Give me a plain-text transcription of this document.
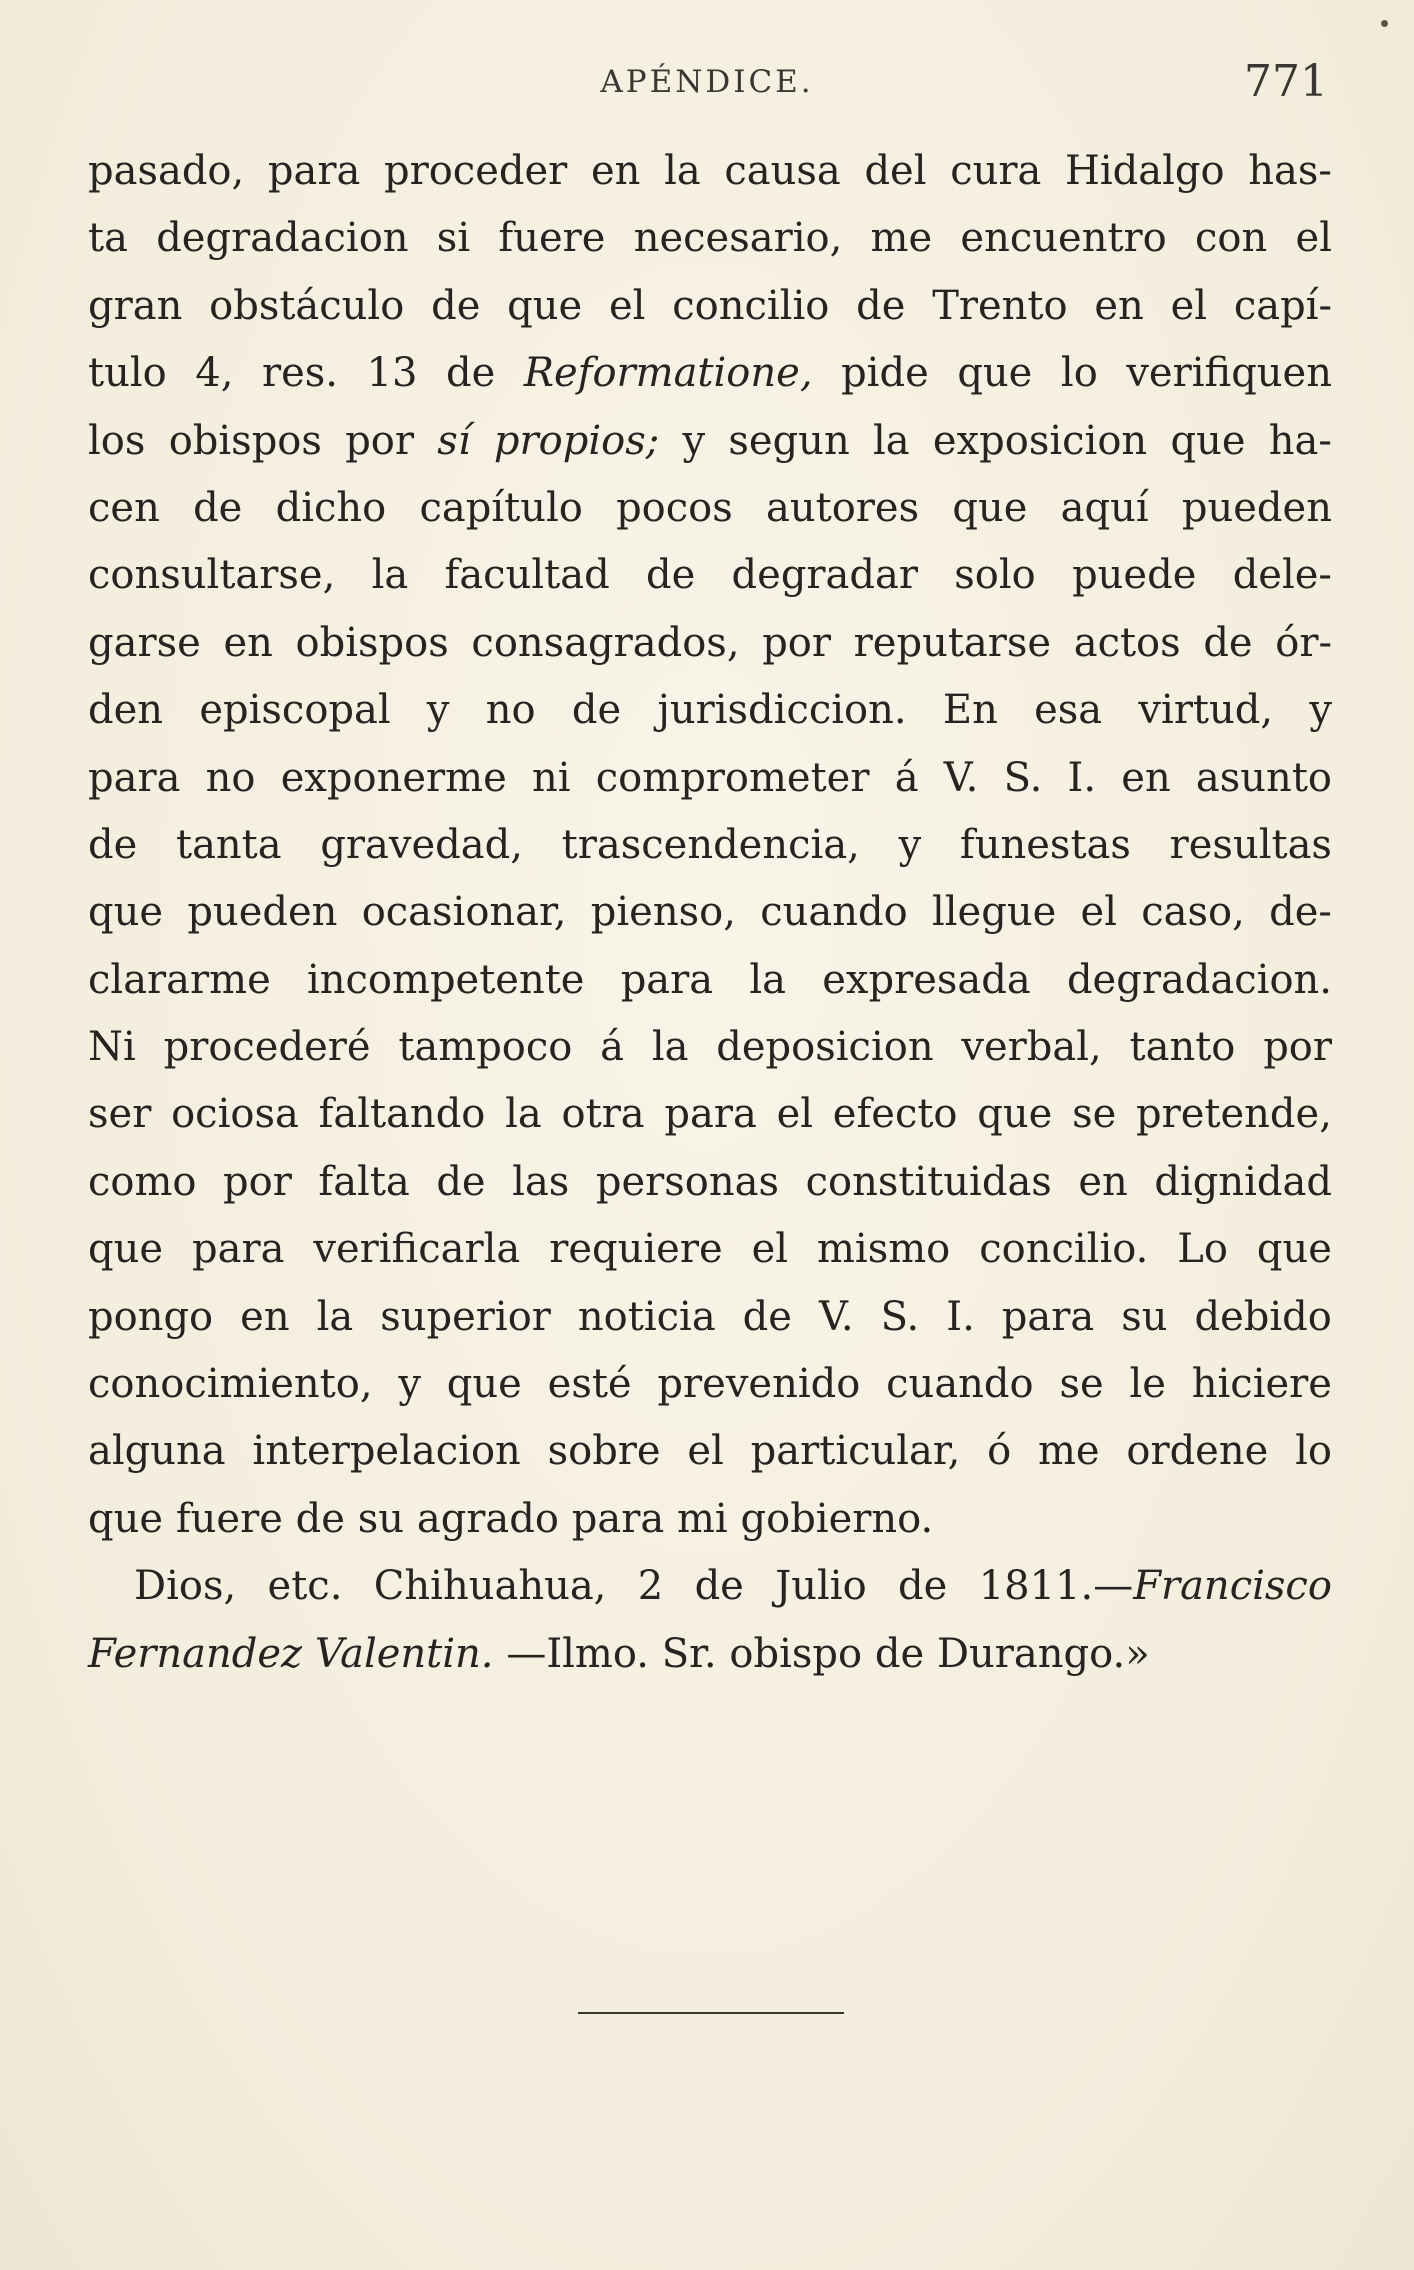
APÉNDICE.	771
pasado, para proceder en la causa del cura Hidalgo has-
ta degradacion si fuere necesario, me encuentro con el
gran obstáculo de que el concilio de Trento en el capí-
tulo 4, res. 13 de Reformatione, pide que lo verifiquen
los obispos por sí propios; y segun la exposicion que ha-
cen de dicho capítulo pocos autores que aquí pueden
consultarse, la facultad de degradar solo puede dele-
garse en obispos consagrados, por reputarse actos de ór-
den episcopal y no de jurisdiccion. En esa virtud, y
para no exponerme ni comprometer á V. S. I. en asunto
de tanta gravedad, trascendencia, y funestas resultas
que pueden ocasionar, pienso, cuando llegue el caso, de-
clararme incompetente para la expresada degradacion.
Ni procederé tampoco á la deposicion verbal, tanto por
ser ociosa faltando la otra para el efecto que se pretende,
como por falta de las personas constituidas en dignidad
que para verificarla requiere el mismo concilio. Lo que
pongo en la superior noticia de V. S. I. para su debido
conocimiento, y que esté prevenido cuando se le hiciere
alguna interpelacion sobre el particular, ó me ordene lo
que fuere de su agrado para mi gobierno.
Dios, etc. Chihuahua, 2 de Julio de 1811.—Francisco
Fernandez Valentin. —Ilmo. Sr. obispo de Durango.»
